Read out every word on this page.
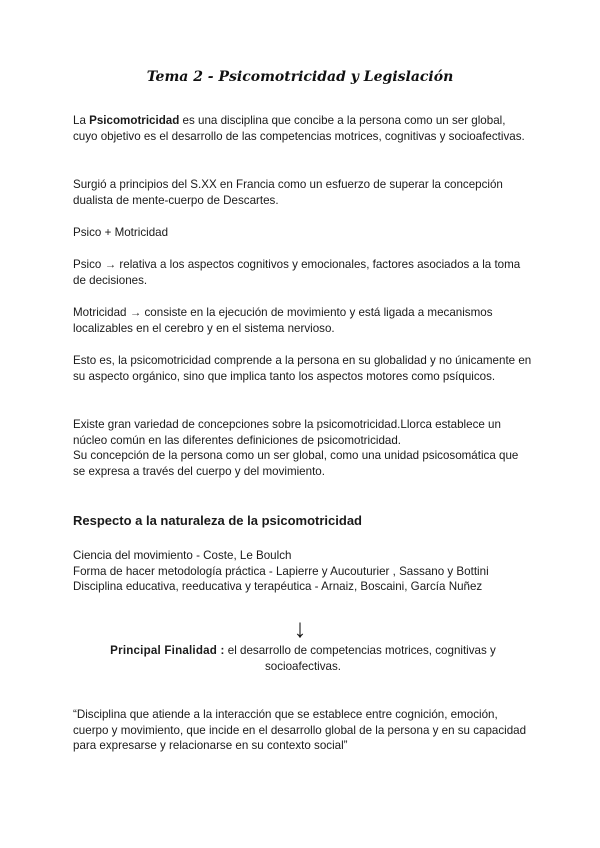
Tema 2 - Psicomotricidad y Legislación

La Psicomotricidad es una disciplina que concibe a la persona como un ser global, cuyo objetivo es el desarrollo de las competencias motrices, cognitivas y socioafectivas.

Surgió a principios del S.XX en Francia como un esfuerzo de superar la concepción dualista de mente-cuerpo de Descartes.

Psico + Motricidad

Psico → relativa a los aspectos cognitivos y emocionales, factores asociados a la toma de decisiones.

Motricidad → consiste en la ejecución de movimiento y está ligada a mecanismos localizables en el cerebro y en el sistema nervioso.

Esto es, la psicomotricidad comprende a la persona en su globalidad y no únicamente en su aspecto orgánico, sino que implica tanto los aspectos motores como psíquicos.

Existe gran variedad de concepciones sobre la psicomotricidad.Llorca establece un núcleo común en las diferentes definiciones de psicomotricidad.

Su concepción de la persona como un ser global, como una unidad psicosomática que se expresa a través del cuerpo y del movimiento.

Respecto a la naturaleza de la psicomotricidad

Ciencia del movimiento - Coste, Le Boulch

Forma de hacer metodología práctica - Lapierre y Aucouturier , Sassano y Bottini

Disciplina educativa, reeducativa y terapéutica - Arnaiz, Boscaini, García Nuñez

↓
Principal Finalidad : el desarrollo de competencias motrices, cognitivas y socioafectivas.
“Disciplina que atiende a la interacción que se establece entre cognición, emoción, cuerpo y movimiento, que incide en el desarrollo global de la persona y en su capacidad para expresarse y relacionarse en su contexto social”
